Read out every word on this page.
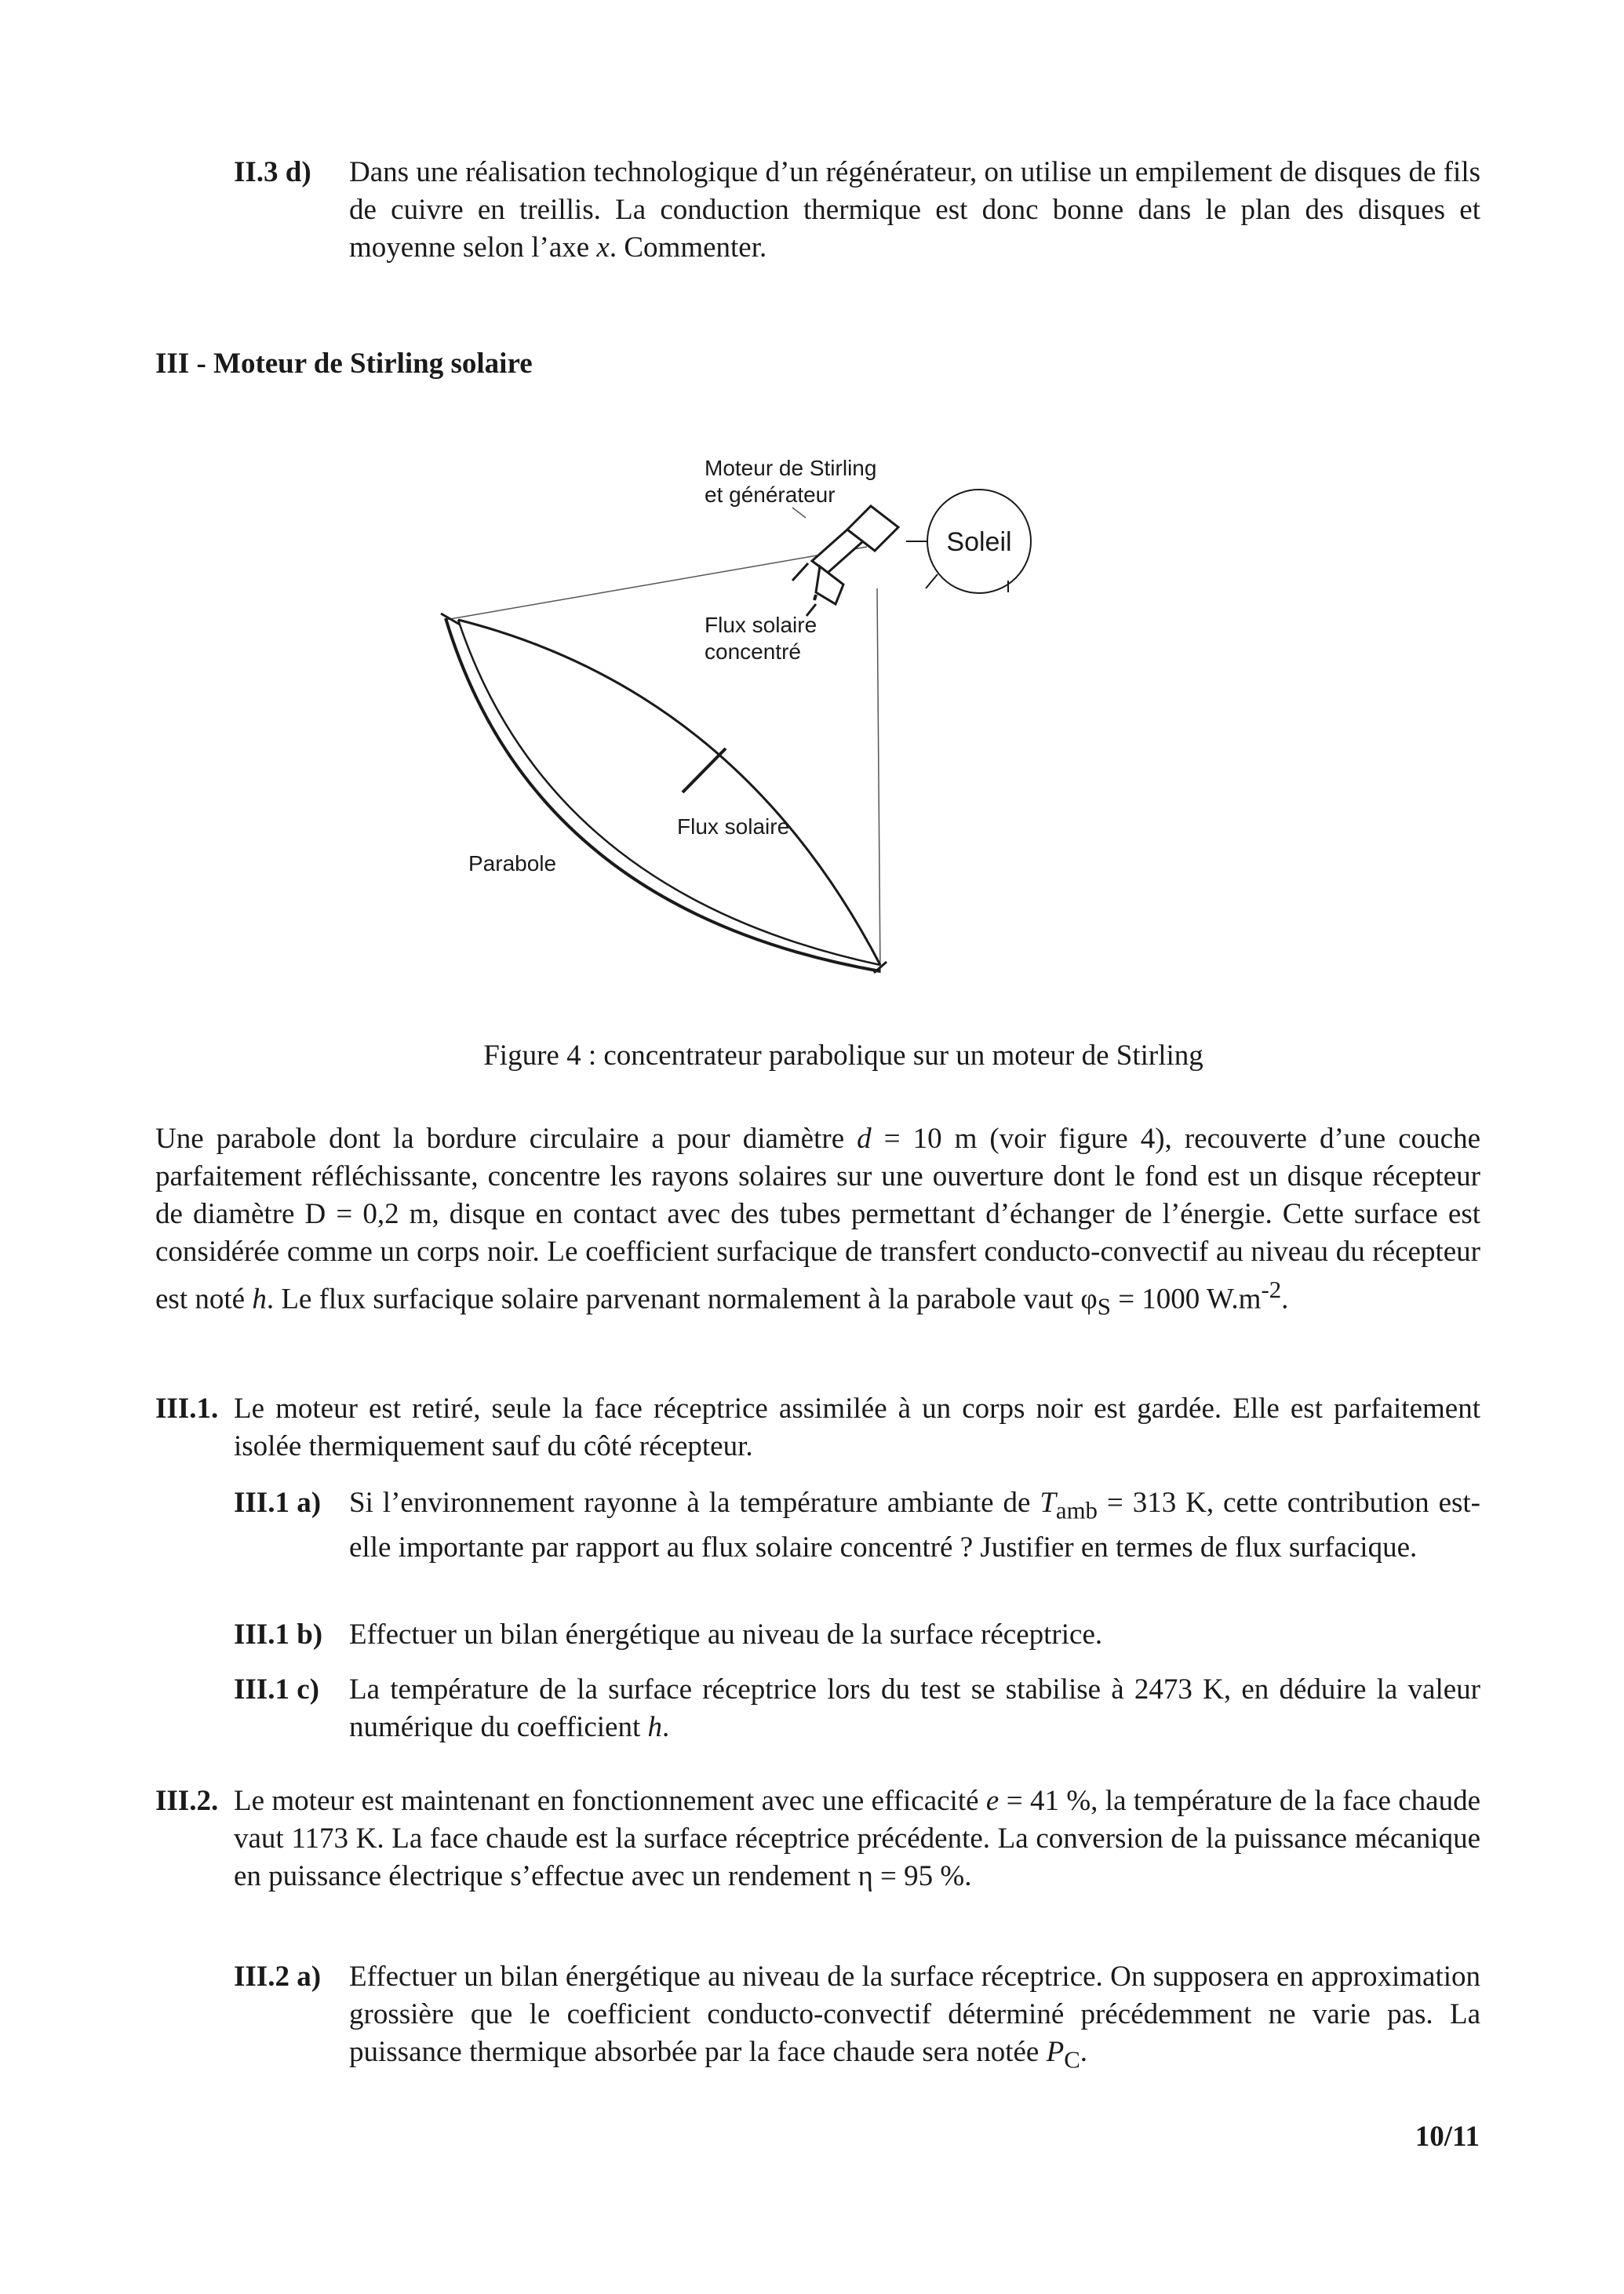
II.3 d) Dans une réalisation technologique d’un régénérateur, on utilise un empilement de disques de fils de cuivre en treillis. La conduction thermique est donc bonne dans le plan des disques et moyenne selon l’axe x. Commenter.
III - Moteur de Stirling solaire
Soleil
Moteur de Stirling
et générateur
Flux solaire
concentré
Flux solaire
Parabole
Figure 4 : concentrateur parabolique sur un moteur de Stirling
Une parabole dont la bordure circulaire a pour diamètre d = 10 m (voir figure 4), recouverte d’une couche parfaitement réfléchissante, concentre les rayons solaires sur une ouverture dont le fond est un disque récepteur de diamètre D = 0,2 m, disque en contact avec des tubes permettant d’échanger de l’énergie. Cette surface est considérée comme un corps noir. Le coefficient surfacique de transfert conducto-convectif au niveau du récepteur est noté h. Le flux surfacique solaire parvenant normalement à la parabole vaut $\varphi_S = 1000$ $W.m^{-2}$.
III.1. Le moteur est retiré, seule la face réceptrice assimilée à un corps noir est gardée. Elle est parfaitement isolée thermiquement sauf du côté récepteur.
III.1 a) Si l’environnement rayonne à la température ambiante de $T_{amb} = 313$ K, cette contribution est-elle importante par rapport au flux solaire concentré ? Justifier en termes de flux surfacique.
III.1 b) Effectuer un bilan énergétique au niveau de la surface réceptrice.
III.1 c) La température de la surface réceptrice lors du test se stabilise à 2473 K, en déduire la valeur numérique du coefficient h.
III.2. Le moteur est maintenant en fonctionnement avec une efficacité e = 41 %, la température de la face chaude vaut 1173 K. La face chaude est la surface réceptrice précédente. La conversion de la puissance mécanique en puissance électrique s’effectue avec un rendement η = 95 %.
III.2 a) Effectuer un bilan énergétique au niveau de la surface réceptrice. On supposera en approximation grossière que le coefficient conducto-convectif déterminé précédemment ne varie pas. La puissance thermique absorbée par la face chaude sera notée $P_C$.
10/11
